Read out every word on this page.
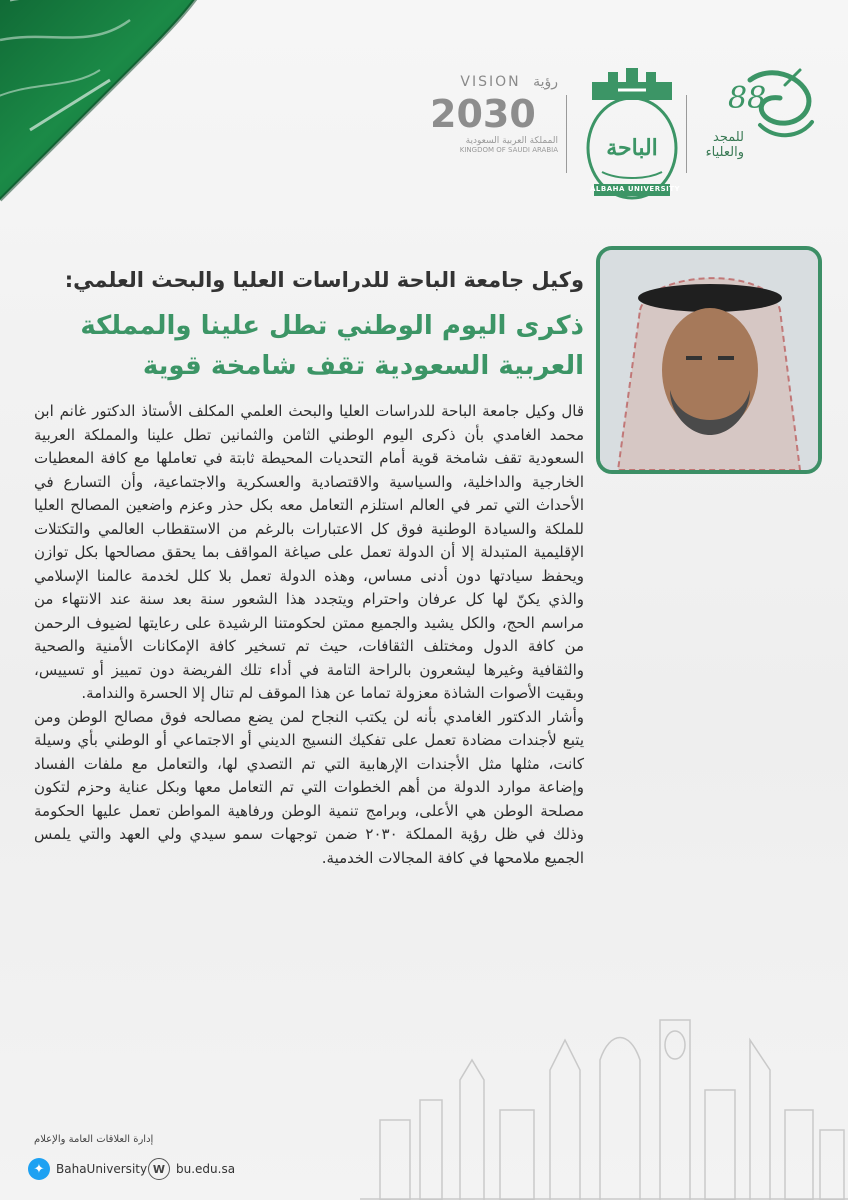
88
للمجد والعلياء
الباحة
ALBAHA UNIVERSITY
VISION رؤية
2030
المملكة العربية السعودية
KINGDOM OF SAUDI ARABIA
وكيل جامعة الباحة للدراسات العليا والبحث العلمي:
ذكرى اليوم الوطني تطل علينا والمملكة العربية السعودية تقف شامخة قوية

قال وكيل جامعة الباحة للدراسات العليا والبحث العلمي المكلف الأستاذ الدكتور غانم ابن محمد الغامدي بأن ذكرى اليوم الوطني الثامن والثمانين تطل علينا والمملكة العربية السعودية تقف شامخة قوية أمام التحديات المحيطة ثابتة في تعاملها مع كافة المعطيات الخارجية والداخلية، والسياسية والاقتصادية والعسكرية والاجتماعية، وأن التسارع في الأحداث التي تمر في العالم استلزم التعامل معه بكل حذر وعزم واضعين المصالح العليا للملكة والسيادة الوطنية فوق كل الاعتبارات بالرغم من الاستقطاب العالمي والتكتلات الإقليمية المتبدلة إلا أن الدولة تعمل على صياغة المواقف بما يحقق مصالحها بكل توازن ويحفظ سيادتها دون أدنى مساس، وهذه الدولة تعمل بلا كلل لخدمة عالمنا الإسلامي والذي يكنّ لها كل عرفان واحترام ويتجدد هذا الشعور سنة بعد سنة عند الانتهاء من مراسم الحج، والكل يشيد والجميع ممتن لحكومتنا الرشيدة على رعايتها لضيوف الرحمن من كافة الدول ومختلف الثقافات، حيث تم تسخير كافة الإمكانات الأمنية والصحية والثقافية وغيرها ليشعرون بالراحة التامة في أداء تلك الفريضة دون تمييز أو تسييس، وبقيت الأصوات الشاذة معزولة تماما عن هذا الموقف لم تنال إلا الحسرة والندامة.

وأشار الدكتور الغامدي بأنه لن يكتب النجاح لمن يضع مصالحه فوق مصالح الوطن ومن يتبع لأجندات مضادة تعمل على تفكيك النسيج الديني أو الاجتماعي أو الوطني بأي وسيلة كانت، مثلها مثل الأجندات الإرهابية التي تم التصدي لها، والتعامل مع ملفات الفساد وإضاعة موارد الدولة من أهم الخطوات التي تم التعامل معها وبكل عناية وحزم لتكون مصلحة الوطن هي الأعلى، وبرامج تنمية الوطن ورفاهية المواطن تعمل عليها الحكومة وذلك في ظل رؤية المملكة ٢٠٣٠ ضمن توجهات سمو سيدي ولي العهد والتي يلمس الجميع ملامحها في كافة المجالات الخدمية.

إدارة العلاقات العامة والإعلام
✦ BahaUniversity W bu.edu.sa
